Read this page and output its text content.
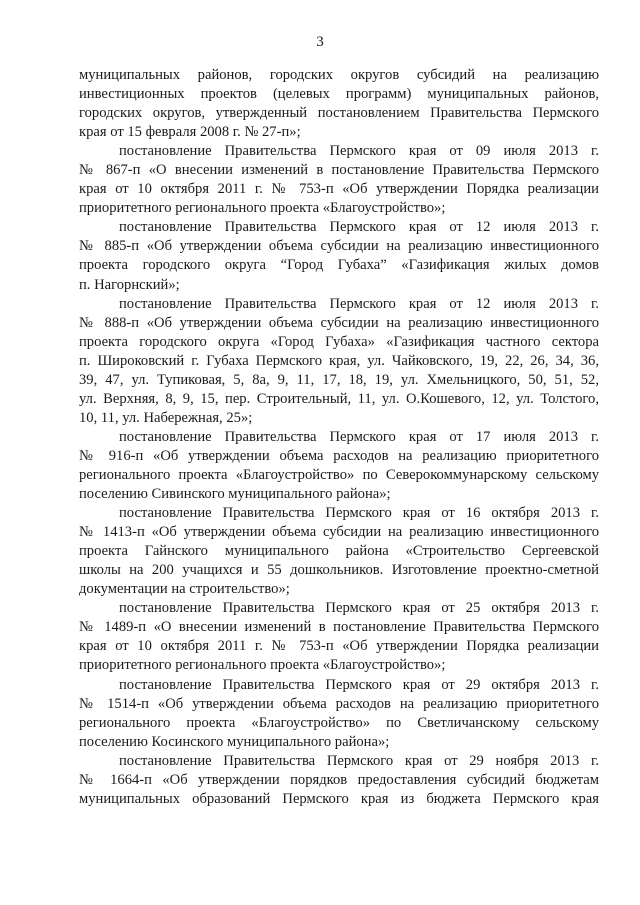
3
муниципальных районов, городских округов субсидий на реализацию
инвестиционных проектов (целевых программ) муниципальных районов,
городских округов, утвержденный постановлением Правительства Пермского
края от 15 февраля 2008 г. № 27-п»;
постановление Правительства Пермского края от 09 июля 2013 г.
№ 867-п «О внесении изменений в постановление Правительства Пермского
края от 10 октября 2011 г. № 753-п «Об утверждении Порядка реализации
приоритетного регионального проекта «Благоустройство»;
постановление Правительства Пермского края от 12 июля 2013 г.
№ 885-п «Об утверждении объема субсидии на реализацию инвестиционного
проекта городского округа “Город Губаха” «Газификация жилых домов
п. Нагорнский»;
постановление Правительства Пермского края от 12 июля 2013 г.
№ 888-п «Об утверждении объема субсидии на реализацию инвестиционного
проекта городского округа «Город Губаха» «Газификация частного сектора
п. Широковский г. Губаха Пермского края, ул. Чайковского, 19, 22, 26, 34, 36,
39, 47, ул. Тупиковая, 5, 8а, 9, 11, 17, 18, 19, ул. Хмельницкого, 50, 51, 52,
ул. Верхняя, 8, 9, 15, пер. Строительный, 11, ул. О.Кошевого, 12, ул. Толстого,
10, 11, ул. Набережная, 25»;
постановление Правительства Пермского края от 17 июля 2013 г.
№ 916-п «Об утверждении объема расходов на реализацию приоритетного
регионального проекта «Благоустройство» по Северокоммунарскому сельскому
поселению Сивинского муниципального района»;
постановление Правительства Пермского края от 16 октября 2013 г.
№ 1413-п «Об утверждении объема субсидии на реализацию инвестиционного
проекта Гайнского муниципального района «Строительство Сергеевской
школы на 200 учащихся и 55 дошкольников. Изготовление проектно-сметной
документации на строительство»;
постановление Правительства Пермского края от 25 октября 2013 г.
№ 1489-п «О внесении изменений в постановление Правительства Пермского
края от 10 октября 2011 г. № 753-п «Об утверждении Порядка реализации
приоритетного регионального проекта «Благоустройство»;
постановление Правительства Пермского края от 29 октября 2013 г.
№ 1514-п «Об утверждении объема расходов на реализацию приоритетного
регионального проекта «Благоустройство» по Светличанскому сельскому
поселению Косинского муниципального района»;
постановление Правительства Пермского края от 29 ноября 2013 г.
№ 1664-п «Об утверждении порядков предоставления субсидий бюджетам
муниципальных образований Пермского края из бюджета Пермского края
